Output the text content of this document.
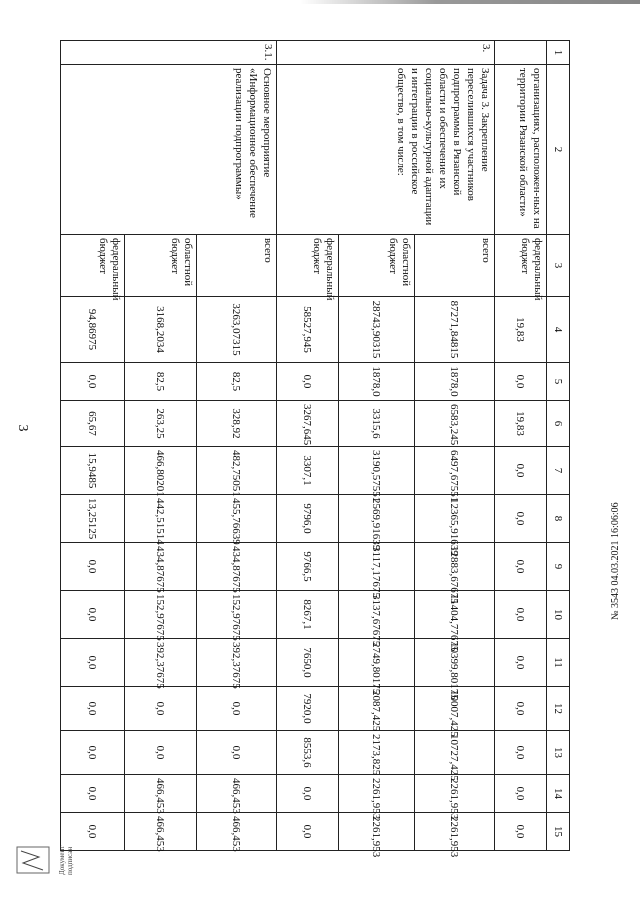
3
1	2	3	4	5	6	7	8	9	10	11	12	13	14	15
	организациях, расположен-ных на территории Рязанской области»	федеральный бюджет	19,83	0,0	19,83	0,0	0,0	0,0	0,0	0,0	0,0	0,0	0,0	0,0
3.	Задача 3. Закрепление переселившихся участников подпрограммы в Рязанской области и обеспечение их социально-культурной адаптации и интеграции в российское общество, в том числе:	всего	87271,84815	1878,0	6583,245	6497,67551	12365,91639	12883,67675	11404,77675	10399,80175	10007,425	10727,425	2261,953	2261,953
		областной бюджет	28743,90315	1878,0	3315,6	3190,57551	2569,91639	3117,17675	3137,67675	2749,80175	2087,425	2173,825	2261,953	2261,953
		федеральный бюджет	58527,945	0,0	3267,645	3307,1	9796,0	9766,5	8267,1	7650,0	7920,0	8553,6	0,0	0,0
3.1.	Основное мероприятие «Информационное обеспечение реализации подпрограммы»	всего	3263,07315	82,5	328,92	482,75051	455,76639	434,87675	152,97675	392,37675	0,0	0,0	466,453	466,453
		областной бюджет	3168,2034	82,5	263,25	466,80201	442,51514	434,87675	152,97675	392,37675	0,0	0,0	466,453	466,453
		федеральный бюджет	94,86975	0,0	65,67	15,9485	13,25125	0,0	0,0	0,0	0,0	0,0	0,0	0,0
Документ подписан
№ 3543 04.03.2021 16:06:06
